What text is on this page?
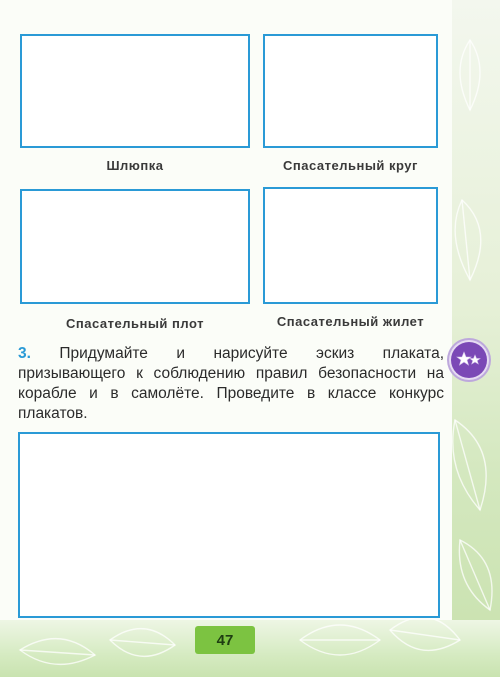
Шлюпка	Спасательный круг
Спасательный плот	Спасательный жилет
3. Придумайте и нарисуйте эскиз плаката, призывающего к соблюдению правил безопасности на корабле и в самолёте. Проведите в классе конкурс плакатов.
47
